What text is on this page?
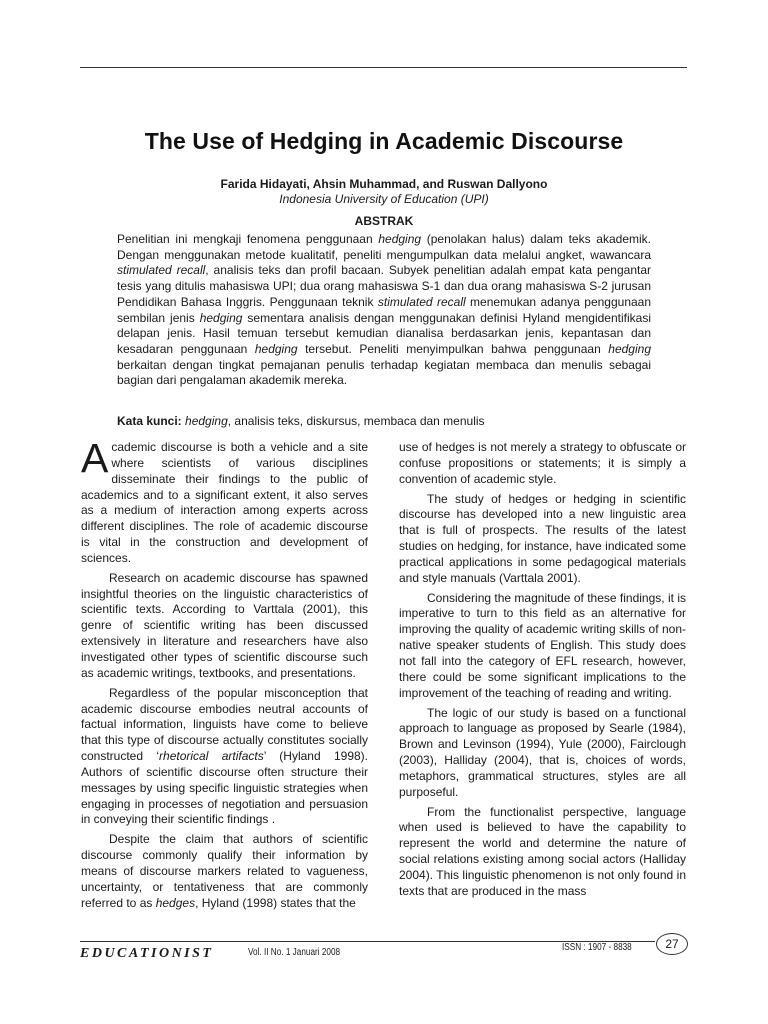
The Use of Hedging in Academic Discourse
Farida Hidayati, Ahsin Muhammad, and Ruswan Dallyono
Indonesia University of Education (UPI)
ABSTRAK

Penelitian ini mengkaji fenomena penggunaan hedging (penolakan halus) dalam teks akademik. Dengan menggunakan metode kualitatif, peneliti mengumpulkan data melalui angket, wawancara stimulated recall, analisis teks dan profil bacaan. Subyek penelitian adalah empat kata pengantar tesis yang ditulis mahasiswa UPI; dua orang mahasiswa S-1 dan dua orang mahasiswa S-2 jurusan Pendidikan Bahasa Inggris. Penggunaan teknik stimulated recall menemukan adanya penggunaan sembilan jenis hedging sementara analisis dengan menggunakan definisi Hyland mengidentifikasi delapan jenis. Hasil temuan tersebut kemudian dianalisa berdasarkan jenis, kepantasan dan kesadaran penggunaan hedging tersebut. Peneliti menyimpulkan bahwa penggunaan hedging berkaitan dengan tingkat pemajanan penulis terhadap kegiatan membaca dan menulis sebagai bagian dari pengalaman akademik mereka.

Kata kunci: hedging, analisis teks, diskursus, membaca dan menulis

Academic discourse is both a vehicle and a site where scientists of various disciplines disseminate their findings to the public of academics and to a significant extent, it also serves as a medium of interaction among experts across different disciplines. The role of academic discourse is vital in the construction and development of sciences.

Research on academic discourse has spawned insightful theories on the linguistic characteristics of scientific texts. According to Varttala (2001), this genre of scientific writing has been discussed extensively in literature and researchers have also investigated other types of scientific discourse such as academic writings, textbooks, and presentations.

Regardless of the popular misconception that academic discourse embodies neutral accounts of factual information, linguists have come to believe that this type of discourse actually constitutes socially constructed ‘rhetorical artifacts’ (Hyland 1998). Authors of scientific discourse often structure their messages by using specific linguistic strategies when engaging in processes of negotiation and persuasion in conveying their scientific findings .

Despite the claim that authors of scientific discourse commonly qualify their information by means of discourse markers related to vagueness, uncertainty, or tentativeness that are commonly referred to as hedges, Hyland (1998) states that the

use of hedges is not merely a strategy to obfuscate or confuse propositions or statements; it is simply a convention of academic style.

The study of hedges or hedging in scientific discourse has developed into a new linguistic area that is full of prospects. The results of the latest studies on hedging, for instance, have indicated some practical applications in some pedagogical materials and style manuals (Varttala 2001).

Considering the magnitude of these findings, it is imperative to turn to this field as an alternative for improving the quality of academic writing skills of non-native speaker students of English. This study does not fall into the category of EFL research, however, there could be some significant implications to the improvement of the teaching of reading and writing.

The logic of our study is based on a functional approach to language as proposed by Searle (1984), Brown and Levinson (1994), Yule (2000), Fairclough (2003), Halliday (2004), that is, choices of words, metaphors, grammatical structures, styles are all purposeful.

From the functionalist perspective, language when used is believed to have the capability to represent the world and determine the nature of social relations existing among social actors (Halliday 2004). This linguistic phenomenon is not only found in texts that are produced in the mass

EDUCATIONIST	Vol. II No. 1 Januari 2008	ISSN : 1907 - 8838	27
